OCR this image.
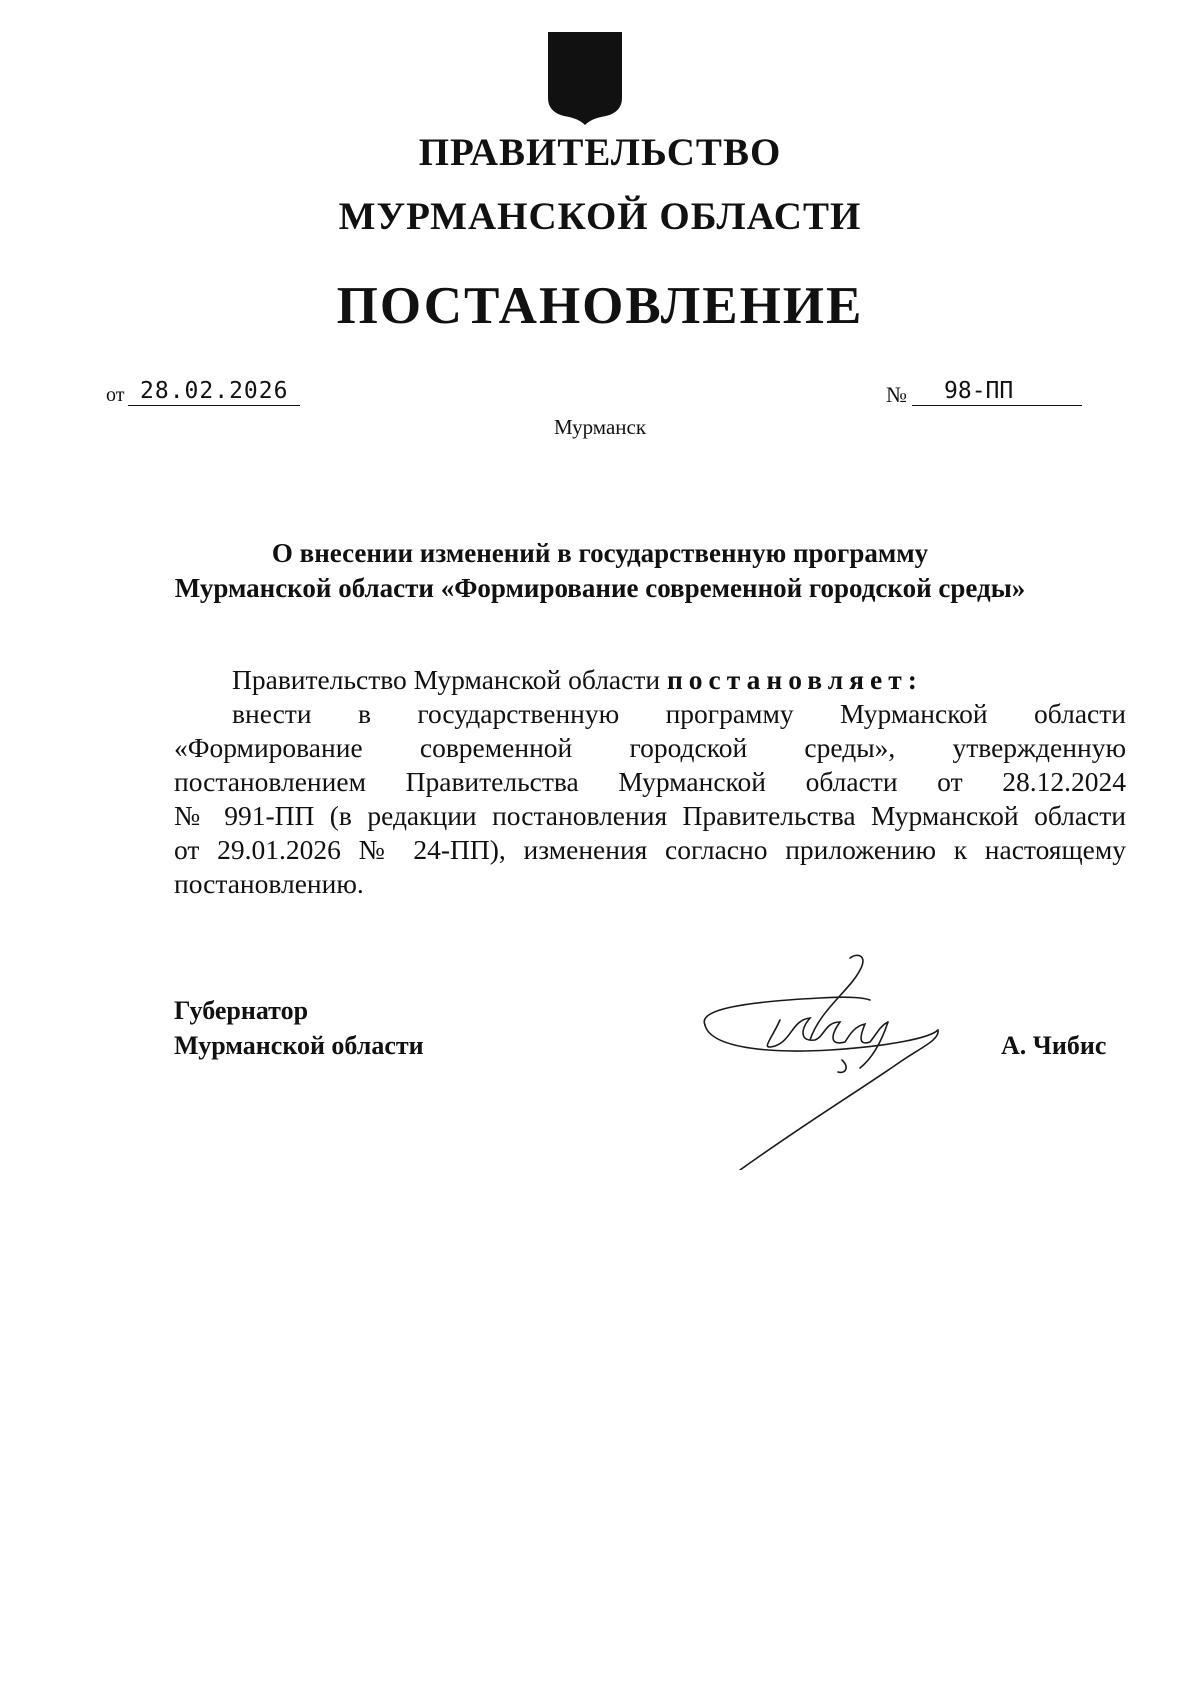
ПРАВИТЕЛЬСТВО
МУРМАНСКОЙ ОБЛАСТИ
ПОСТАНОВЛЕНИЕ
от 28.02.2026	№	98-ПП
Мурманск
О внесении изменений в государственную программу
Мурманской области «Формирование современной городской среды»
Правительство Мурманской области постановляет:
внести в государственную программу Мурманской области
«Формирование современной городской среды», утвержденную
постановлением Правительства Мурманской области от 28.12.2024
№ 991-ПП (в редакции постановления Правительства Мурманской области
от 29.01.2026 № 24-ПП), изменения согласно приложению к настоящему
постановлению.
Губернатор
Мурманской области	А. Чибис
